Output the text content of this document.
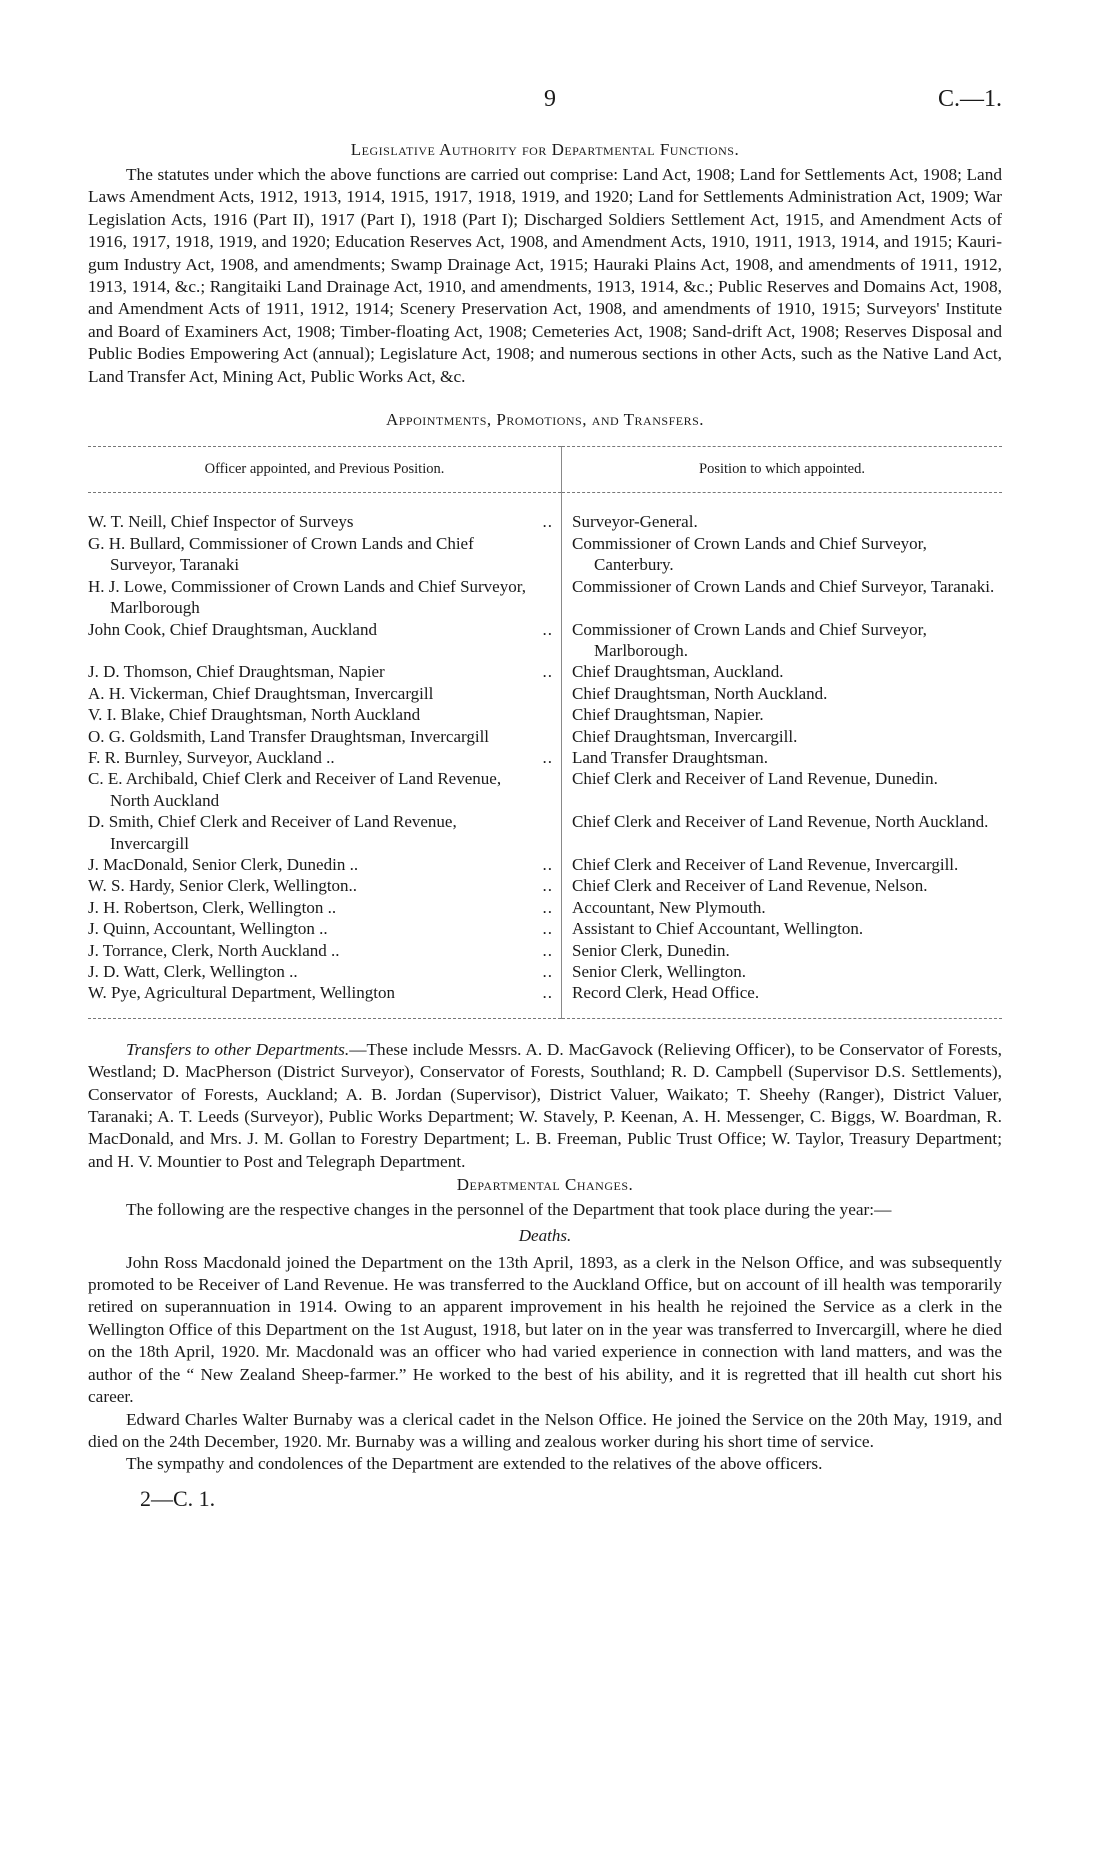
9	C.—1.
Legislative Authority for Departmental Functions.

The statutes under which the above functions are carried out comprise: Land Act, 1908; Land for Settlements Act, 1908; Land Laws Amendment Acts, 1912, 1913, 1914, 1915, 1917, 1918, 1919, and 1920; Land for Settlements Administration Act, 1909; War Legislation Acts, 1916 (Part II), 1917 (Part I), 1918 (Part I); Discharged Soldiers Settlement Act, 1915, and Amendment Acts of 1916, 1917, 1918, 1919, and 1920; Education Reserves Act, 1908, and Amendment Acts, 1910, 1911, 1913, 1914, and 1915; Kauri-gum Industry Act, 1908, and amendments; Swamp Drainage Act, 1915; Hauraki Plains Act, 1908, and amendments of 1911, 1912, 1913, 1914, &c.; Rangitaiki Land Drainage Act, 1910, and amendments, 1913, 1914, &c.; Public Reserves and Domains Act, 1908, and Amendment Acts of 1911, 1912, 1914; Scenery Preservation Act, 1908, and amendments of 1910, 1915; Surveyors' Institute and Board of Examiners Act, 1908; Timber-floating Act, 1908; Cemeteries Act, 1908; Sand-drift Act, 1908; Reserves Disposal and Public Bodies Empowering Act (annual); Legislature Act, 1908; and numerous sections in other Acts, such as the Native Land Act, Land Transfer Act, Mining Act, Public Works Act, &c.

Appointments, Promotions, and Transfers.
Officer appointed, and Previous Position.	Position to which appointed.

W. T. Neill, Chief Inspector of Surveys ..	Surveyor-General.

G. H. Bullard, Commissioner of Crown Lands and Chief Surveyor, Taranaki	Commissioner of Crown Lands and Chief Surveyor, Canterbury.

H. J. Lowe, Commissioner of Crown Lands and Chief Surveyor, Marlborough	Commissioner of Crown Lands and Chief Surveyor, Taranaki.

John Cook, Chief Draughtsman, Auckland ..	Commissioner of Crown Lands and Chief Surveyor, Marlborough.

J. D. Thomson, Chief Draughtsman, Napier ..	Chief Draughtsman, Auckland.

A. H. Vickerman, Chief Draughtsman, Invercargill	Chief Draughtsman, North Auckland.

V. I. Blake, Chief Draughtsman, North Auckland	Chief Draughtsman, Napier.

O. G. Goldsmith, Land Transfer Draughtsman, Invercargill	Chief Draughtsman, Invercargill.

F. R. Burnley, Surveyor, Auckland .. ..	Land Transfer Draughtsman.

C. E. Archibald, Chief Clerk and Receiver of Land Revenue, North Auckland	Chief Clerk and Receiver of Land Revenue, Dunedin.

D. Smith, Chief Clerk and Receiver of Land Revenue, Invercargill	Chief Clerk and Receiver of Land Revenue, North Auckland.

J. MacDonald, Senior Clerk, Dunedin .. ..	Chief Clerk and Receiver of Land Revenue, Invercargill.

W. S. Hardy, Senior Clerk, Wellington.. ..	Chief Clerk and Receiver of Land Revenue, Nelson.

J. H. Robertson, Clerk, Wellington .. ..	Accountant, New Plymouth.

J. Quinn, Accountant, Wellington .. ..	Assistant to Chief Accountant, Wellington.

J. Torrance, Clerk, North Auckland .. ..	Senior Clerk, Dunedin.

J. D. Watt, Clerk, Wellington .. ..	Senior Clerk, Wellington.

W. Pye, Agricultural Department, Wellington ..	Record Clerk, Head Office.

Transfers to other Departments.—These include Messrs. A. D. MacGavock (Relieving Officer), to be Conservator of Forests, Westland; D. MacPherson (District Surveyor), Conservator of Forests, Southland; R. D. Campbell (Supervisor D.S. Settlements), Conservator of Forests, Auckland; A. B. Jordan (Supervisor), District Valuer, Waikato; T. Sheehy (Ranger), District Valuer, Taranaki; A. T. Leeds (Surveyor), Public Works Department; W. Stavely, P. Keenan, A. H. Messenger, C. Biggs, W. Boardman, R. MacDonald, and Mrs. J. M. Gollan to Forestry Department; L. B. Freeman, Public Trust Office; W. Taylor, Treasury Department; and H. V. Mountier to Post and Telegraph Department.

Departmental Changes.

The following are the respective changes in the personnel of the Department that took place during the year:—

Deaths.

John Ross Macdonald joined the Department on the 13th April, 1893, as a clerk in the Nelson Office, and was subsequently promoted to be Receiver of Land Revenue. He was transferred to the Auckland Office, but on account of ill health was temporarily retired on superannuation in 1914. Owing to an apparent improvement in his health he rejoined the Service as a clerk in the Wellington Office of this Department on the 1st August, 1918, but later on in the year was transferred to Invercargill, where he died on the 18th April, 1920. Mr. Macdonald was an officer who had varied experience in connection with land matters, and was the author of the “ New Zealand Sheep-farmer.” He worked to the best of his ability, and it is regretted that ill health cut short his career.

Edward Charles Walter Burnaby was a clerical cadet in the Nelson Office. He joined the Service on the 20th May, 1919, and died on the 24th December, 1920. Mr. Burnaby was a willing and zealous worker during his short time of service.

The sympathy and condolences of the Department are extended to the relatives of the above officers.

2—C. 1.
